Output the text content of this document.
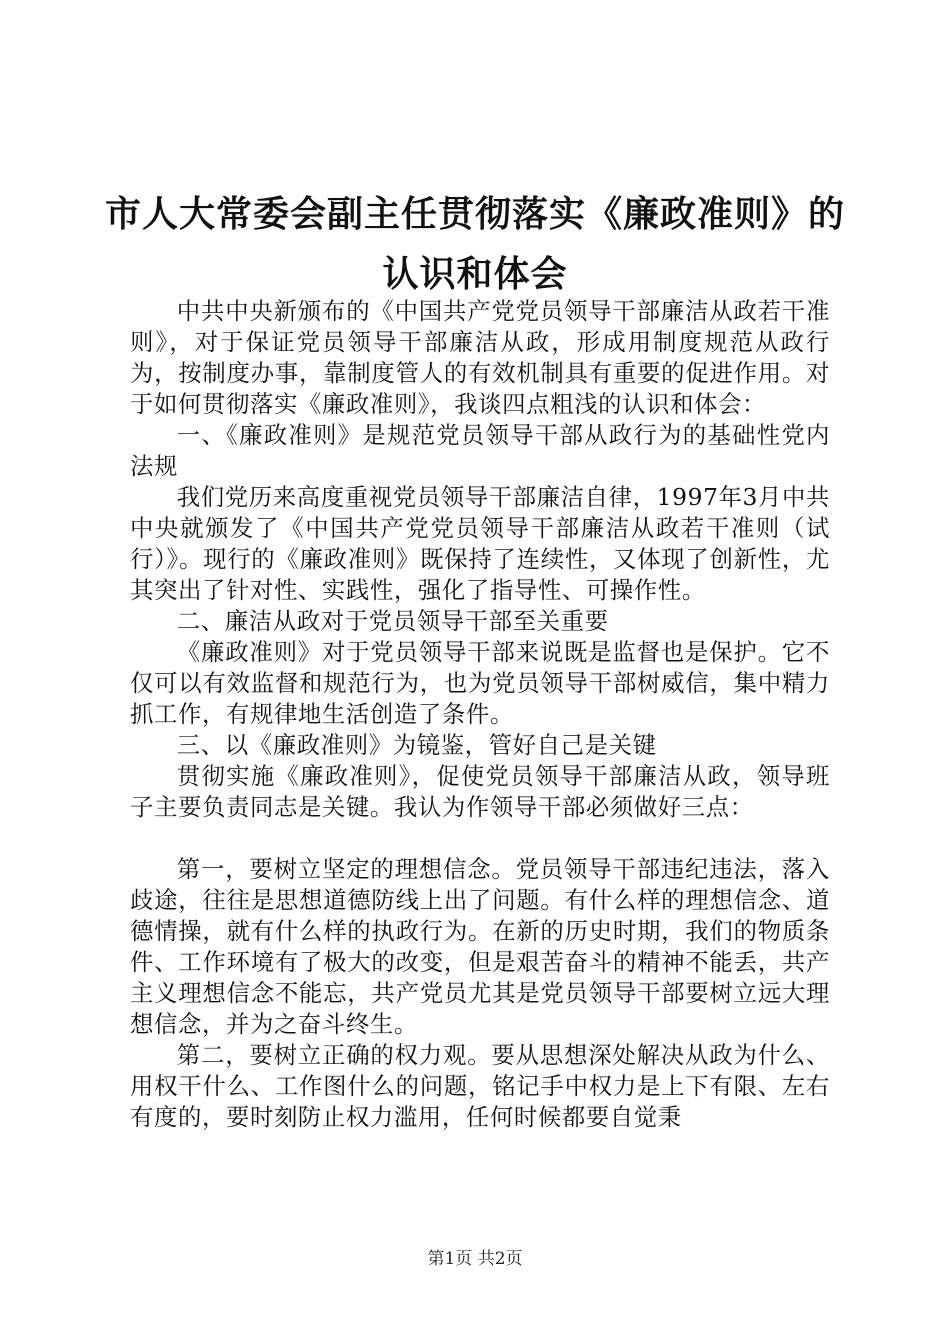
市人大常委会副主任贯彻落实《廉政准则》的
认识和体会

中共中央新颁布的《中国共产党党员领导干部廉洁从政若干准则》，对于保证党员领导干部廉洁从政，形成用制度规范从政行为，按制度办事，靠制度管人的有效机制具有重要的促进作用。对于如何贯彻落实《廉政准则》，我谈四点粗浅的认识和体会：

一、《廉政准则》是规范党员领导干部从政行为的基础性党内法规

我们党历来高度重视党员领导干部廉洁自律，1997年3月中共中央就颁发了《中国共产党党员领导干部廉洁从政若干准则（试行）》。现行的《廉政准则》既保持了连续性，又体现了创新性，尤其突出了针对性、实践性，强化了指导性、可操作性。

二、廉洁从政对于党员领导干部至关重要

《廉政准则》对于党员领导干部来说既是监督也是保护。它不仅可以有效监督和规范行为，也为党员领导干部树威信，集中精力抓工作，有规律地生活创造了条件。

三、以《廉政准则》为镜鉴，管好自己是关键

贯彻实施《廉政准则》，促使党员领导干部廉洁从政，领导班子主要负责同志是关键。我认为作领导干部必须做好三点：

第一，要树立坚定的理想信念。党员领导干部违纪违法，落入歧途，往往是思想道德防线上出了问题。有什么样的理想信念、道德情操，就有什么样的执政行为。在新的历史时期，我们的物质条件、工作环境有了极大的改变，但是艰苦奋斗的精神不能丢，共产主义理想信念不能忘，共产党员尤其是党员领导干部要树立远大理想信念，并为之奋斗终生。

第二，要树立正确的权力观。要从思想深处解决从政为什么、用权干什么、工作图什么的问题，铭记手中权力是上下有限、左右有度的，要时刻防止权力滥用，任何时候都要自觉秉

第1页 共2页
